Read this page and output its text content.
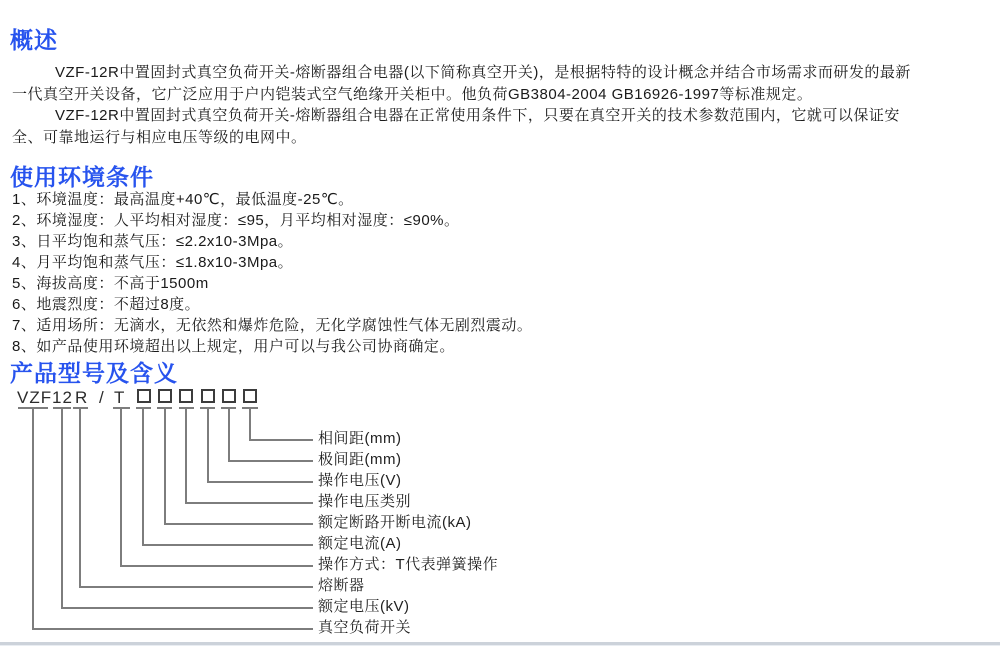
概述
VZF-12R中置固封式真空负荷开关-熔断器组合电器(以下简称真空开关)，是根据特特的设计概念并结合市场需求而研发的最新
一代真空开关设备，它广泛应用于户内铠装式空气绝缘开关柜中。他负荷GB3804-2004 GB16926-1997等标准规定。
VZF-12R中置固封式真空负荷开关-熔断器组合电器在正常使用条件下，只要在真空开关的技术参数范围内，它就可以保证安
全、可靠地运行与相应电压等级的电网中。
使用环境条件
1、环境温度：最高温度+40℃，最低温度-25℃。
2、环境湿度：人平均相对湿度：≤95，月平均相对湿度：≤90%。
3、日平均饱和蒸气压：≤2.2x10-3Mpa。
4、月平均饱和蒸气压：≤1.8x10-3Mpa。
5、海拔高度：不高于1500m
6、地震烈度：不超过8度。
7、适用场所：无滴水，无依然和爆炸危险，无化学腐蚀性气体无剧烈震动。
8、如产品使用环境超出以上规定，用户可以与我公司协商确定。
产品型号及含义
VZF 12 R / T
相间距(mm)
极间距(mm)
操作电压(V)
操作电压类别
额定断路开断电流(kA)
额定电流(A)
操作方式：T代表弹簧操作
熔断器
额定电压(kV)
真空负荷开关
